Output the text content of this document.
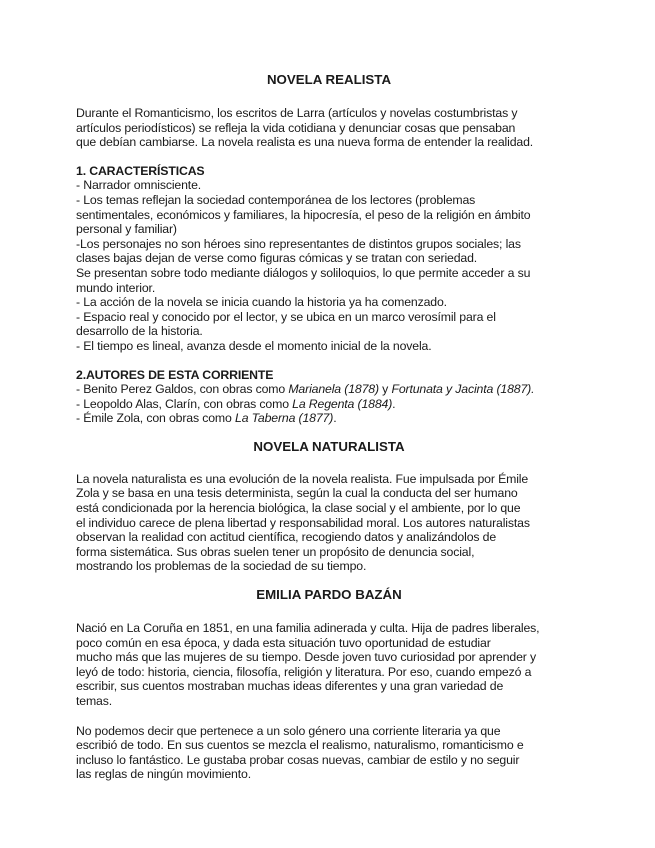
NOVELA REALISTA

Durante el Romanticismo, los escritos de Larra (artículos y novelas costumbristas y
artículos periodísticos) se refleja la vida cotidiana y denunciar cosas que pensaban
que debían cambiarse. La novela realista es una nueva forma de entender la realidad.

1. CARACTERÍSTICAS
- Narrador omnisciente.
- Los temas reflejan la sociedad contemporánea de los lectores (problemas
sentimentales, económicos y familiares, la hipocresía, el peso de la religión en ámbito
personal y familiar)
-Los personajes no son héroes sino representantes de distintos grupos sociales; las
clases bajas dejan de verse como figuras cómicas y se tratan con seriedad.
Se presentan sobre todo mediante diálogos y soliloquios, lo que permite acceder a su
mundo interior.
- La acción de la novela se inicia cuando la historia ya ha comenzado.
- Espacio real y conocido por el lector, y se ubica en un marco verosímil para el
desarrollo de la historia.
- El tiempo es lineal, avanza desde el momento inicial de la novela.
2.AUTORES DE ESTA CORRIENTE
- Benito Perez Galdos, con obras como Marianela (1878) y Fortunata y Jacinta (1887).
- Leopoldo Alas, Clarín, con obras como La Regenta (1884).
- Émile Zola, con obras como La Taberna (1877).
NOVELA NATURALISTA

La novela naturalista es una evolución de la novela realista. Fue impulsada por Émile
Zola y se basa en una tesis determinista, según la cual la conducta del ser humano
está condicionada por la herencia biológica, la clase social y el ambiente, por lo que
el individuo carece de plena libertad y responsabilidad moral. Los autores naturalistas
observan la realidad con actitud científica, recogiendo datos y analizándolos de
forma sistemática. Sus obras suelen tener un propósito de denuncia social,
mostrando los problemas de la sociedad de su tiempo.

EMILIA PARDO BAZÁN

Nació en La Coruña en 1851, en una familia adinerada y culta. Hija de padres liberales,
poco común en esa época, y dada esta situación tuvo oportunidad de estudiar
mucho más que las mujeres de su tiempo. Desde joven tuvo curiosidad por aprender y
leyó de todo: historia, ciencia, filosofía, religión y literatura. Por eso, cuando empezó a
escribir, sus cuentos mostraban muchas ideas diferentes y una gran variedad de
temas.

No podemos decir que pertenece a un solo género una corriente literaria ya que
escribió de todo. En sus cuentos se mezcla el realismo, naturalismo, romanticismo e
incluso lo fantástico. Le gustaba probar cosas nuevas, cambiar de estilo y no seguir
las reglas de ningún movimiento.
